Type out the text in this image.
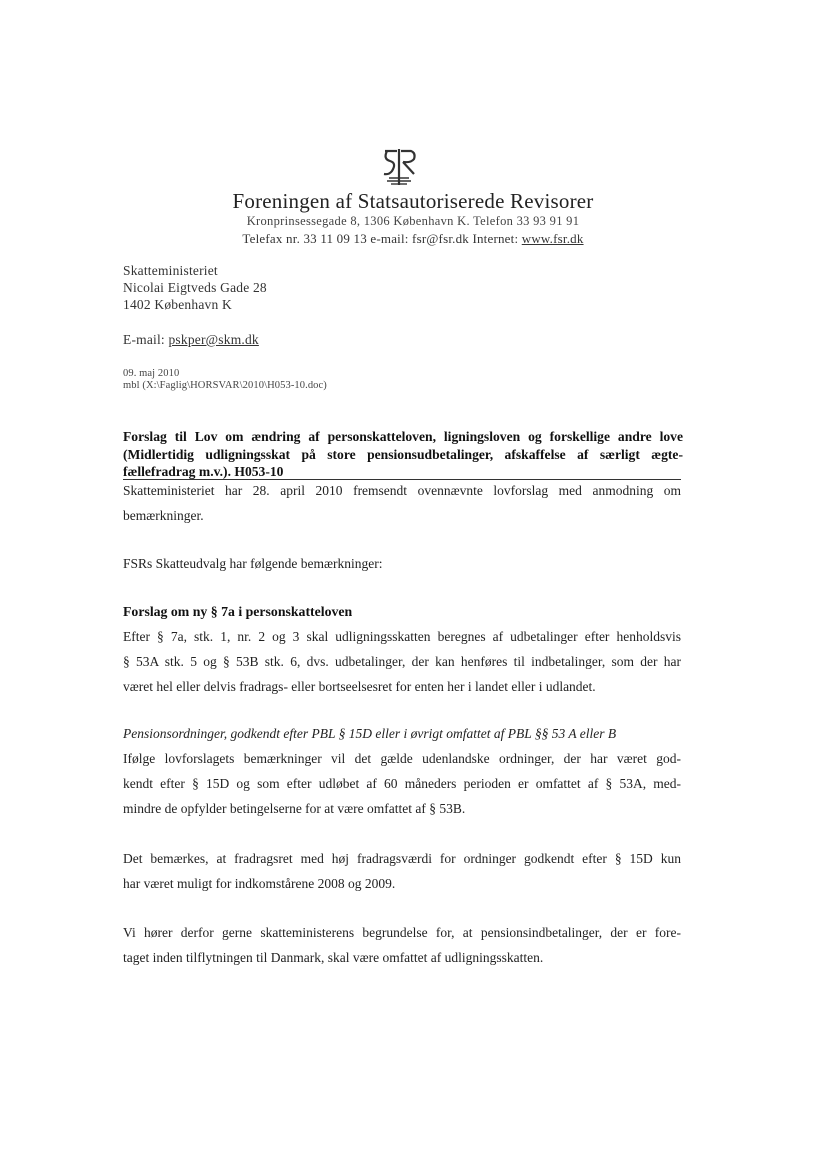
Foreningen af Statsautoriserede Revisorer
Kronprinsessegade 8, 1306 København K. Telefon 33 93 91 91
Telefax nr. 33 11 09 13 e-mail: fsr@fsr.dk Internet: www.fsr.dk
Skatteministeriet
Nicolai Eigtveds Gade 28
1402 København K
E-mail: pskper@skm.dk
09. maj 2010
mbl (X:\Faglig\HORSVAR\2010\H053-10.doc)
Forslag til Lov om ændring af personskatteloven, ligningsloven og forskellige andre love
(Midlertidig udligningsskat på store pensionsudbetalinger, afskaffelse af særligt ægte-
fællefradrag m.v.). H053-10
Skatteministeriet har 28. april 2010 fremsendt ovennævnte lovforslag med anmodning om
bemærkninger.
FSRs Skatteudvalg har følgende bemærkninger:
Forslag om ny § 7a i personskatteloven
Efter § 7a, stk. 1, nr. 2 og 3 skal udligningsskatten beregnes af udbetalinger efter henholdsvis
§ 53A stk. 5 og § 53B stk. 6, dvs. udbetalinger, der kan henføres til indbetalinger, som der har
været hel eller delvis fradrags- eller bortseelsesret for enten her i landet eller i udlandet.
Pensionsordninger, godkendt efter PBL § 15D eller i øvrigt omfattet af PBL §§ 53 A eller B
Ifølge lovforslagets bemærkninger vil det gælde udenlandske ordninger, der har været god-
kendt efter § 15D og som efter udløbet af 60 måneders perioden er omfattet af § 53A, med-
mindre de opfylder betingelserne for at være omfattet af § 53B.
Det bemærkes, at fradragsret med høj fradragsværdi for ordninger godkendt efter § 15D kun
har været muligt for indkomstårene 2008 og 2009.
Vi hører derfor gerne skatteministerens begrundelse for, at pensionsindbetalinger, der er fore-
taget inden tilflytningen til Danmark, skal være omfattet af udligningsskatten.
